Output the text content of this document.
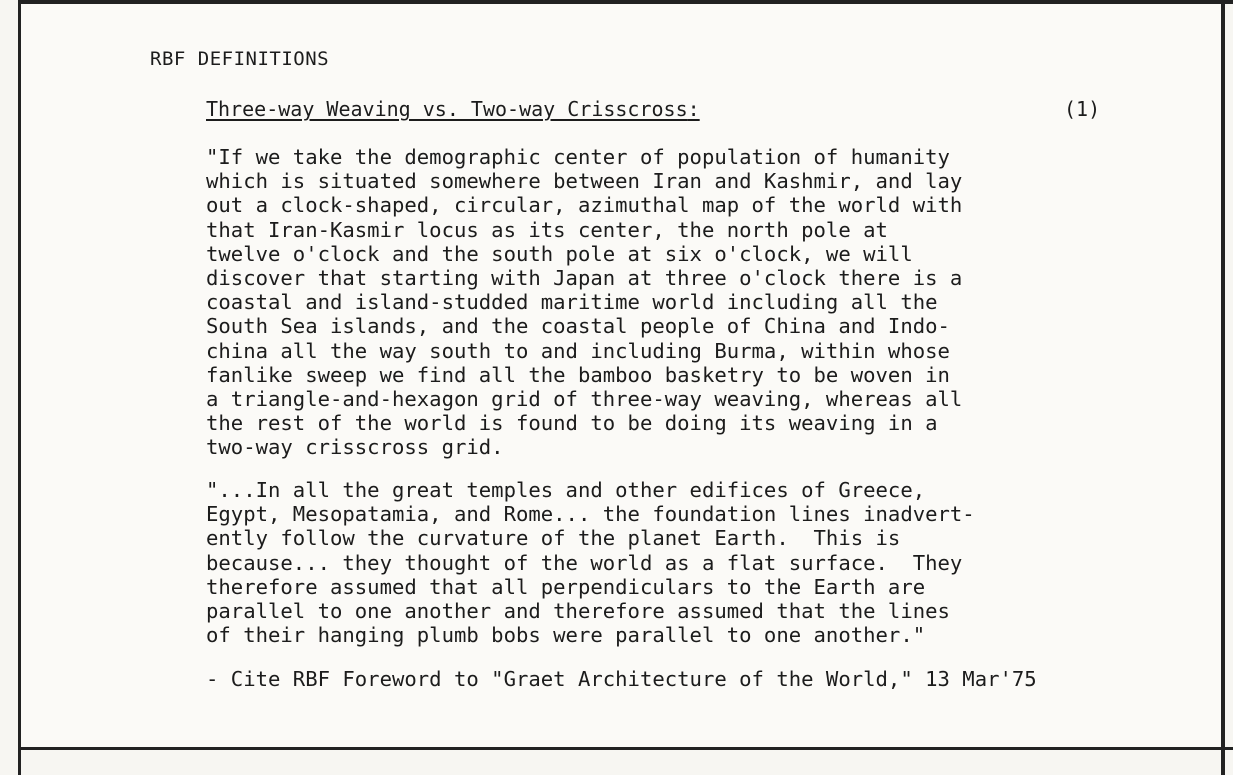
RBF DEFINITIONS
Three-way Weaving vs. Two-way Crisscross:	(1)

"If we take the demographic center of population of humanity
which is situated somewhere between Iran and Kashmir, and lay
out a clock-shaped, circular, azimuthal map of the world with
that Iran-Kasmir locus as its center, the north pole at
twelve o'clock and the south pole at six o'clock, we will
discover that starting with Japan at three o'clock there is a
coastal and island-studded maritime world including all the
South Sea islands, and the coastal people of China and Indo-
china all the way south to and including Burma, within whose
fanlike sweep we find all the bamboo basketry to be woven in
a triangle-and-hexagon grid of three-way weaving, whereas all
the rest of the world is found to be doing its weaving in a
two-way crisscross grid.

"...In all the great temples and other edifices of Greece,
Egypt, Mesopatamia, and Rome... the foundation lines inadvert-
ently follow the curvature of the planet Earth.  This is
because... they thought of the world as a flat surface.  They
therefore assumed that all perpendiculars to the Earth are
parallel to one another and therefore assumed that the lines
of their hanging plumb bobs were parallel to one another."

- Cite RBF Foreword to "Graet Architecture of the World," 13 Mar'75
